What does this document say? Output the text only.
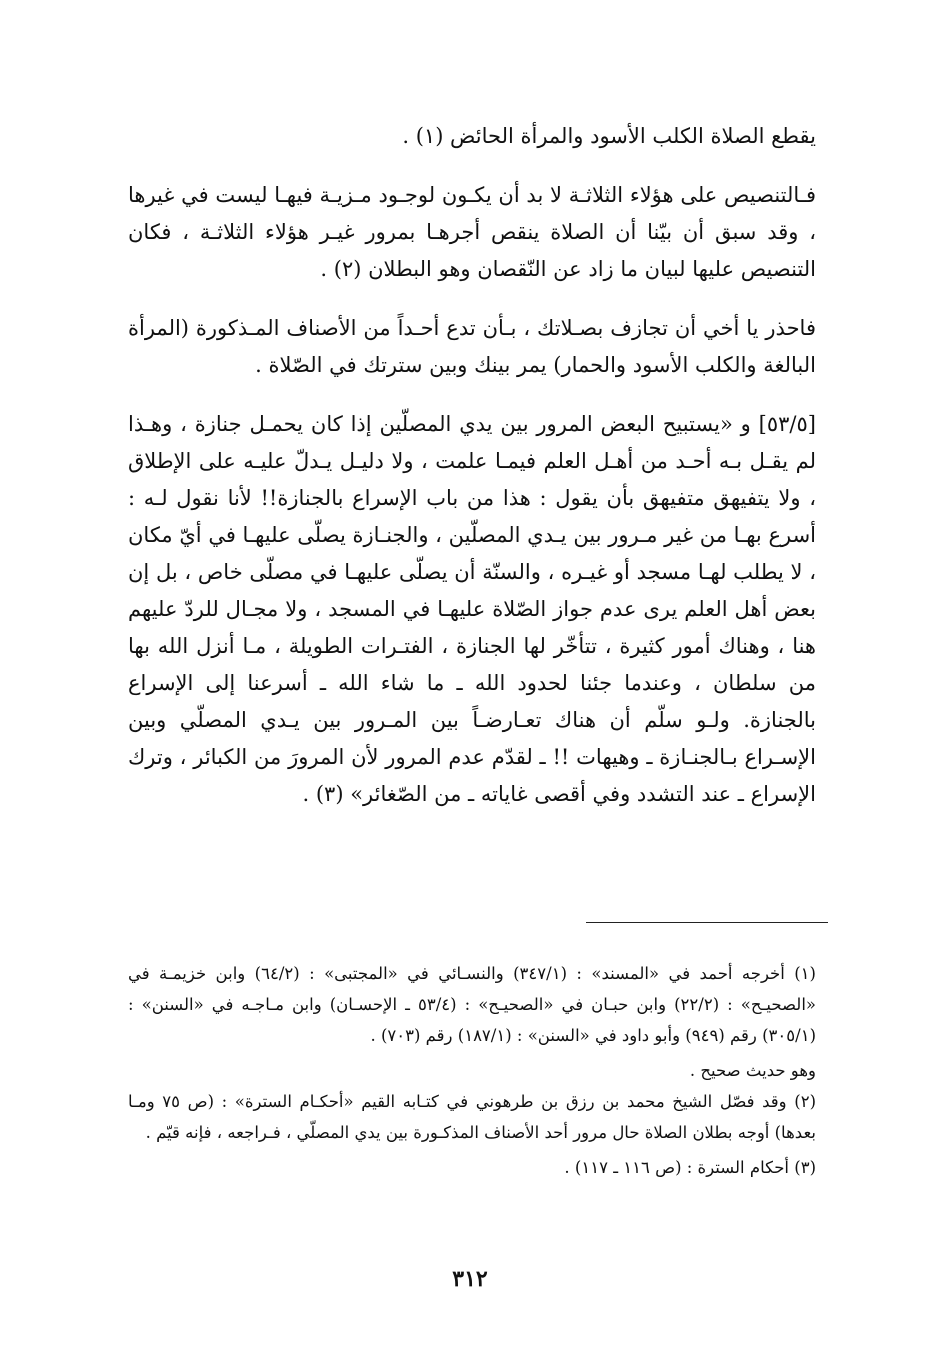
يقطع الصلاة الكلب الأسود والمرأة الحائض (١) .

فـالتنصيص على هؤلاء الثلاثـة لا بد أن يكـون لوجـود مـزيـة فيهـا ليست في غيرها ، وقد سبق أن بيّنا أن الصلاة ينقص أجرهـا بمرور غيـر هؤلاء الثلاثـة ، فكان التنصيص عليها لبيان ما زاد عن النّقصان وهو البطلان (٢) .

فاحذر يا أخي أن تجازف بصـلاتك ، بـأن تدع أحـداً من الأصناف المـذكورة (المرأة البالغة والكلب الأسود والحمار) يمر بينك وبين سترتك في الصّلاة .

[٥٣/٥] و «يستبيح البعض المرور بين يدي المصلّين إذا كان يحمـل جنازة ، وهـذا لم يقـل بـه أحـد من أهـل العلم فيمـا علمت ، ولا دليـل يـدلّ عليـه على الإطلاق ، ولا يتفيهق متفيهق بأن يقول : هذا من باب الإسراع بالجنازة!! لأنا نقول لـه : أسرع بهـا من غير مـرور بين يـدي المصلّين ، والجنـازة يصلّى عليهـا في أيّ مكان ، لا يطلب لهـا مسجد أو غيـره ، والسنّة أن يصلّى عليهـا في مصلّى خاص ، بل إن بعض أهل العلم يرى عدم جواز الصّلاة عليهـا في المسجد ، ولا مجـال للردّ عليهم هنا ، وهناك أمور كثيرة ، تتأخّر لها الجنازة ، الفتـرات الطويلة ، مـا أنزل الله بها من سلطان ، وعندما جئنا لحدود الله ـ ما شاء الله ـ أسرعنا إلى الإسراع بالجنازة. ولـو سلّم أن هناك تعـارضـاً بين المـرور بين يـدي المصلّي وبين الإسـراع بـالجنـازة ـ وهيهات !! ـ لقدّم عدم المرور لأن المرورَ من الكبائر ، وترك الإسراع ـ عند التشدد وفي أقصى غاياته ـ من الصّغائر» (٣) .

(١) أخرجه أحمد في «المسند» : (٣٤٧/١) والنسـائي في «المجتبى» : (٦٤/٢) وابن خزيمـة في «الصحيـح» : (٢٢/٢) وابن حبـان في «الصحيـح» : (٥٣/٤ ـ الإحسـان) وابن مـاجـه في «السنن» : (٣٠٥/١) رقم (٩٤٩) وأبو داود في «السنن» : (١٨٧/١) رقم (٧٠٣) .

وهو حديث صحيح .

(٢) وقد فصّل الشيخ محمد بن رزق بن طرهوني في كتـابه القيم «أحكـام السترة» : (ص ٧٥ ومـا بعدها) أوجه بطلان الصلاة حال مرور أحد الأصناف المذكـورة بين يدي المصلّي ، فـراجعه ، فإنه قيّم .

(٣) أحكام السترة : (ص ١١٦ ـ ١١٧) .

٣١٢
